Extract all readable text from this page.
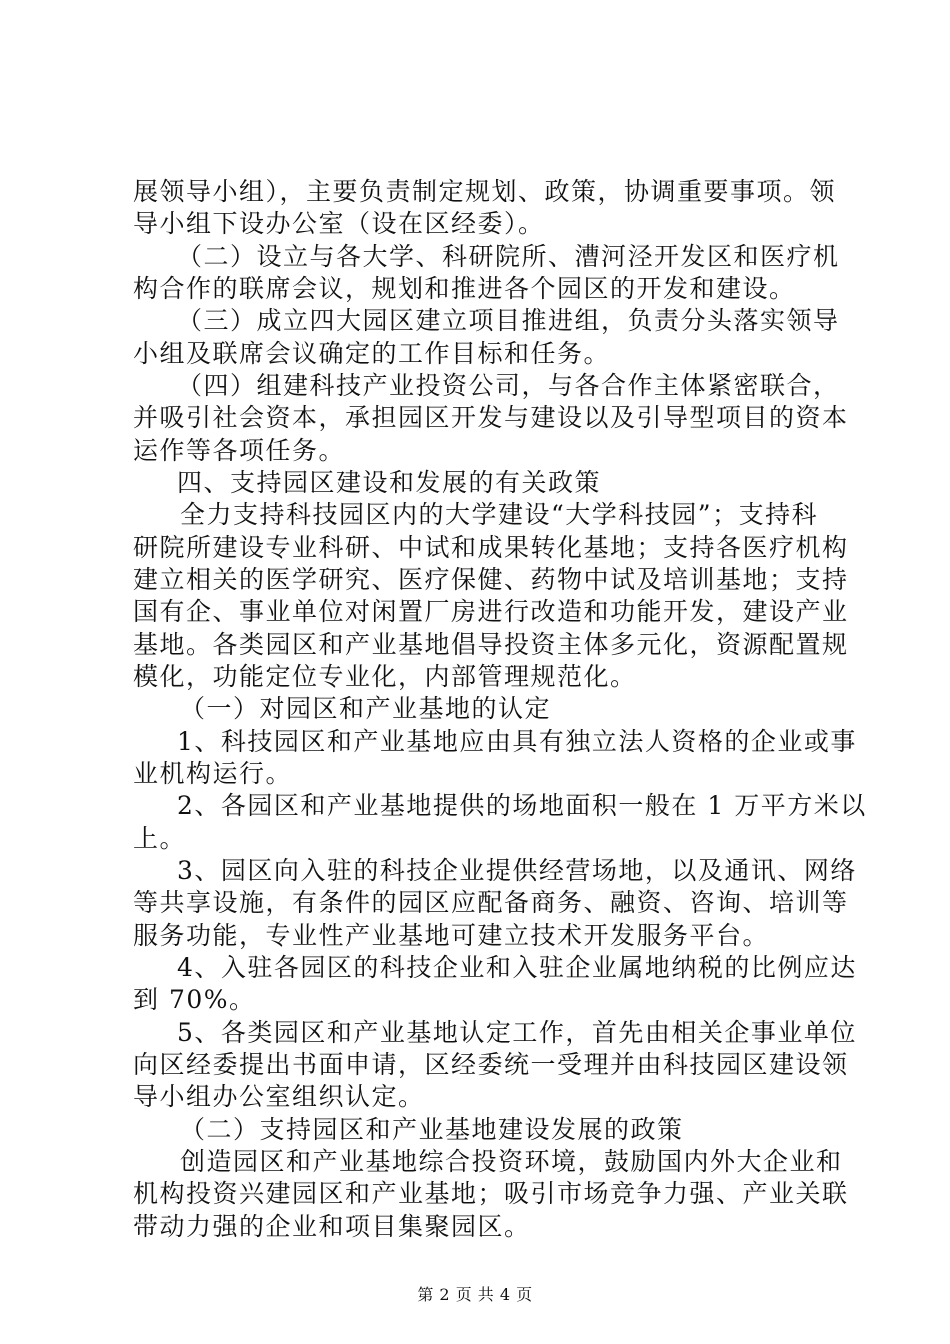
展领导小组），主要负责制定规划、政策，协调重要事项。领
导小组下设办公室（设在区经委）。
（二）设立与各大学、科研院所、漕河泾开发区和医疗机
构合作的联席会议，规划和推进各个园区的开发和建设。
（三）成立四大园区建立项目推进组，负责分头落实领导
小组及联席会议确定的工作目标和任务。
（四）组建科技产业投资公司，与各合作主体紧密联合，
并吸引社会资本，承担园区开发与建设以及引导型项目的资本
运作等各项任务。
四、支持园区建设和发展的有关政策
全力支持科技园区内的大学建设“大学科技园”；支持科
研院所建设专业科研、中试和成果转化基地；支持各医疗机构
建立相关的医学研究、医疗保健、药物中试及培训基地；支持
国有企、事业单位对闲置厂房进行改造和功能开发，建设产业
基地。各类园区和产业基地倡导投资主体多元化，资源配置规
模化，功能定位专业化，内部管理规范化。
（一）对园区和产业基地的认定
1、科技园区和产业基地应由具有独立法人资格的企业或事
业机构运行。
2、各园区和产业基地提供的场地面积一般在 1 万平方米以
上。
3、园区向入驻的科技企业提供经营场地，以及通讯、网络
等共享设施，有条件的园区应配备商务、融资、咨询、培训等
服务功能，专业性产业基地可建立技术开发服务平台。
4、入驻各园区的科技企业和入驻企业属地纳税的比例应达
到 70%。
5、各类园区和产业基地认定工作，首先由相关企事业单位
向区经委提出书面申请，区经委统一受理并由科技园区建设领
导小组办公室组织认定。
（二）支持园区和产业基地建设发展的政策
创造园区和产业基地综合投资环境，鼓励国内外大企业和
机构投资兴建园区和产业基地；吸引市场竞争力强、产业关联
带动力强的企业和项目集聚园区。
第 2 页 共 4 页
